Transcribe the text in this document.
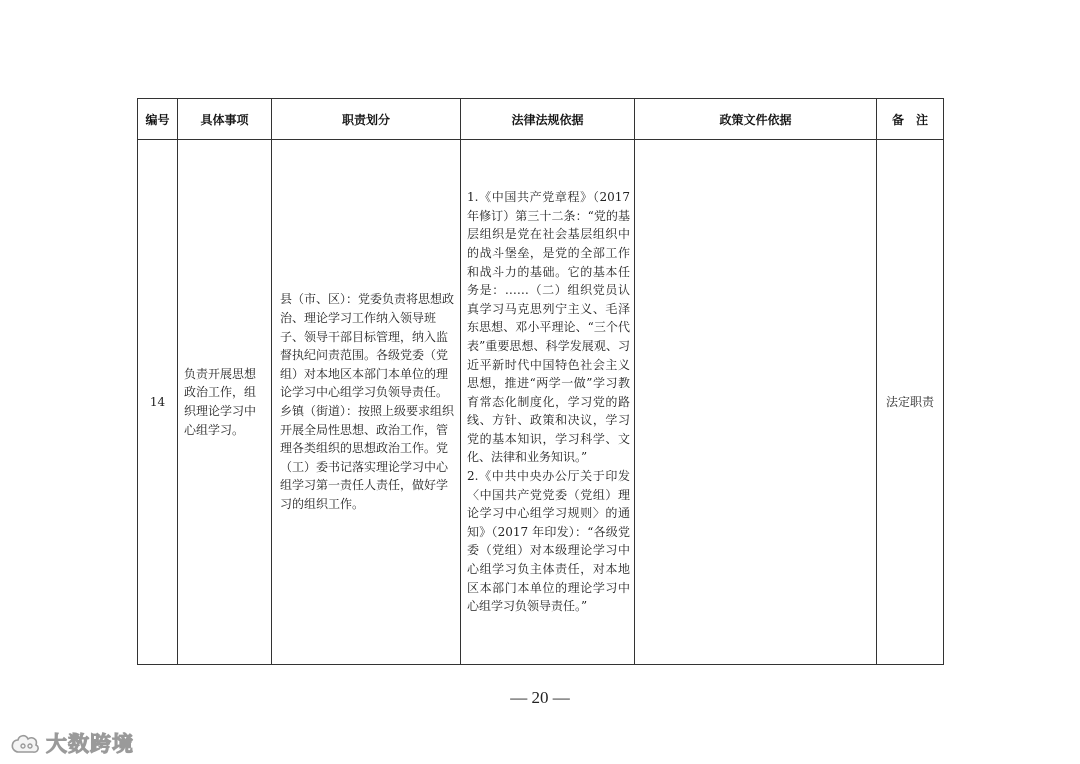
编号	具体事项	职责划分	法律法规依据	政策文件依据	备　注
14	负责开展思想政治工作，组织理论学习中心组学习。	县（市、区）：党委负责将思想政治、理论学习工作纳入领导班子、领导干部目标管理，纳入监督执纪问责范围。各级党委（党组）对本地区本部门本单位的理论学习中心组学习负领导责任。
乡镇（街道）：按照上级要求组织开展全局性思想、政治工作，管理各类组织的思想政治工作。党（工）委书记落实理论学习中心组学习第一责任人责任，做好学习的组织工作。	1.《中国共产党章程》（2017 年修订）第三十二条：“党的基层组织是党在社会基层组织中的战斗堡垒，是党的全部工作和战斗力的基础。它的基本任务是：……（二）组织党员认真学习马克思列宁主义、毛泽东思想、邓小平理论、“三个代表”重要思想、科学发展观、习近平新时代中国特色社会主义思想，推进“两学一做”学习教育常态化制度化，学习党的路线、方针、政策和决议，学习党的基本知识，学习科学、文化、法律和业务知识。”
2.《中共中央办公厅关于印发〈中国共产党党委（党组）理论学习中心组学习规则〉的通知》（2017 年印发）：“各级党委（党组）对本级理论学习中心组学习负主体责任，对本地区本部门本单位的理论学习中心组学习负领导责任。”		法定职责
— 20 —
大数跨境
